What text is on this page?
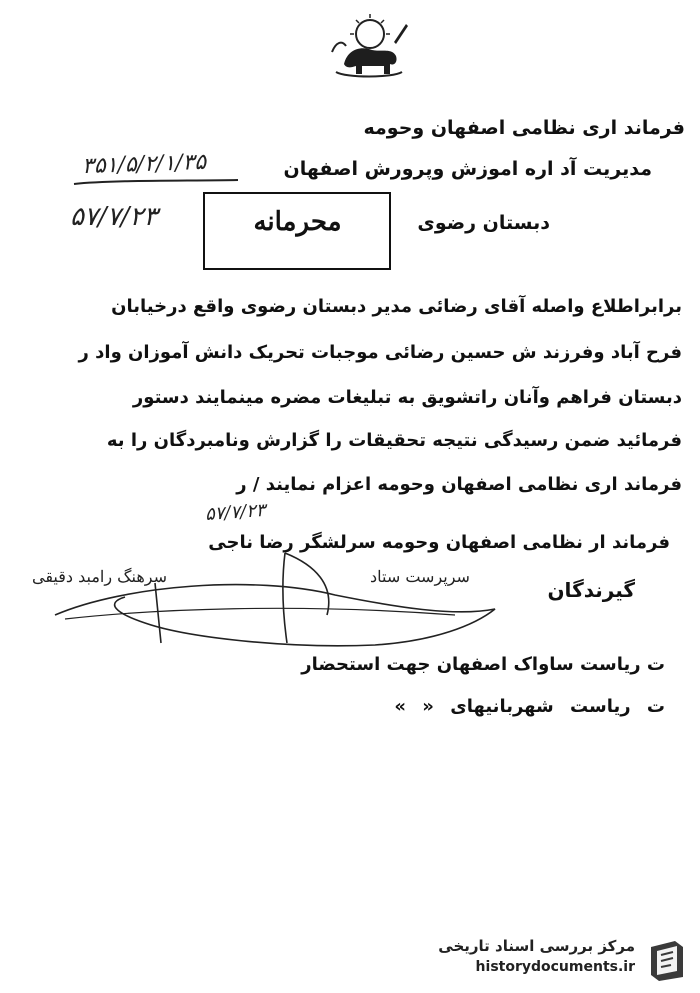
فرماند اری نظامی اصفهان وحومه
۳۵۱/۵/۲/۱/۳۵	مدیریت آد اره اموزش وپرورش اصفهان
۵۷/۷/۲۳	محرمانه	دبستان رضوی
برابراطلاع واصله آقای رضائی مدیر دبستان رضوی واقع درخیابان
فرح آباد وفرزند ش حسین رضائی موجبات تحریک دانش آموزان واد ر
دبستان فراهم وآنان راتشویق به تبلیغات مضره مینمایند دستور
فرمائید ضمن رسیدگی نتیجه تحقیقات را گزارش ونامبردگان را به
فرماند اری نظامی اصفهان وحومه اعزام نمایند / ر
۵۷/۷/۲۳
فرماند ار نظامی اصفهان وحومه سرلشگر رضا ناجی
سرپرست ستاد
سرهنگ رامبد دقیقی
گیرندگان
ت ریاست ساواک اصفهان جهت استحضار
ت ریاست شهربانیهای « »
مرکز بررسی اسناد تاریخی
historydocuments.ir
